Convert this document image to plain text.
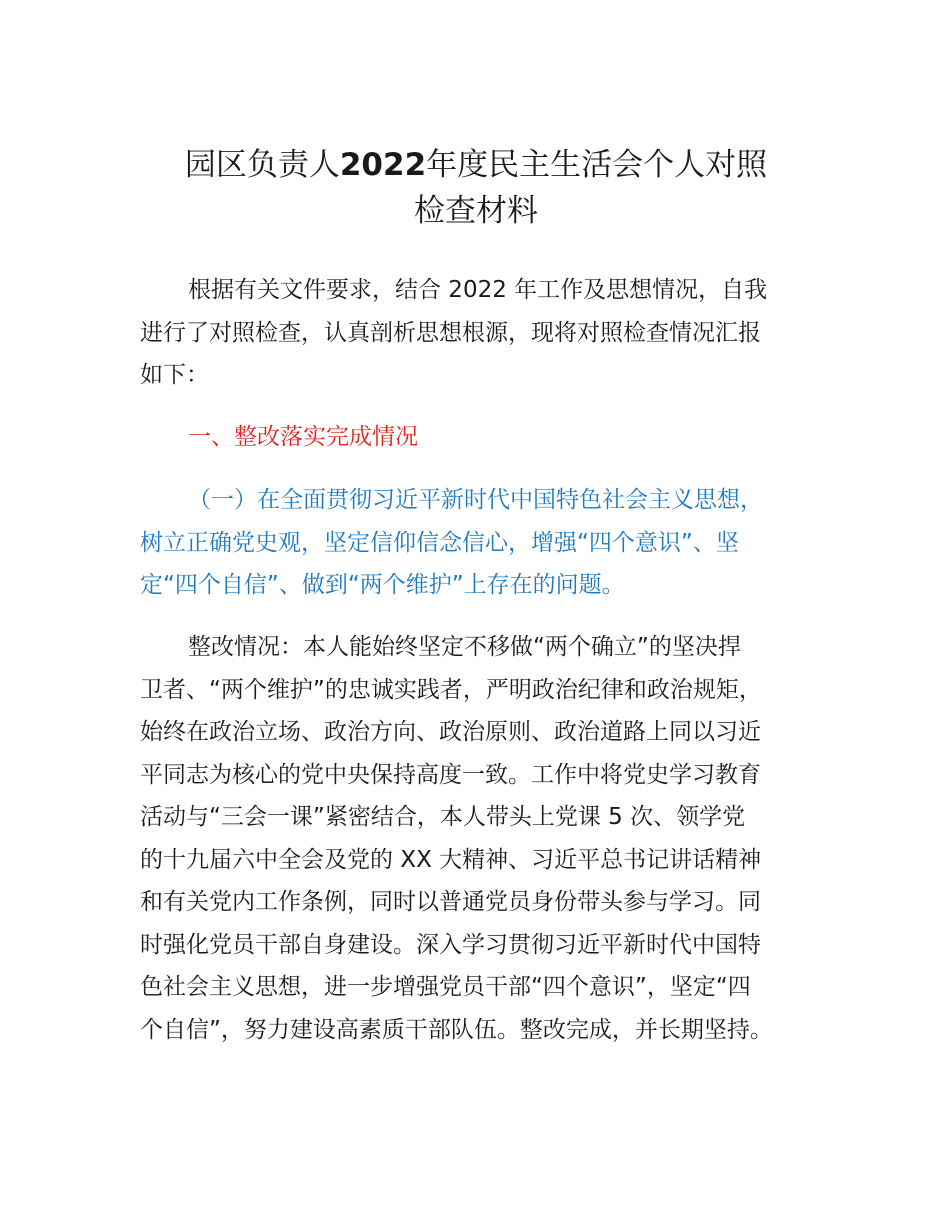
园区负责人2022年度民主生活会个人对照
检查材料
根据有关文件要求，结合 2022 年工作及思想情况，自我
进行了对照检查，认真剖析思想根源，现将对照检查情况汇报
如下：
一、整改落实完成情况
（一）在全面贯彻习近平新时代中国特色社会主义思想，
树立正确党史观，坚定信仰信念信心，增强“四个意识”、坚
定“四个自信”、做到“两个维护”上存在的问题。
整改情况：本人能始终坚定不移做“两个确立”的坚决捍
卫者、“两个维护”的忠诚实践者，严明政治纪律和政治规矩，
始终在政治立场、政治方向、政治原则、政治道路上同以习近
平同志为核心的党中央保持高度一致。工作中将党史学习教育
活动与“三会一课”紧密结合，本人带头上党课 5 次、领学党
的十九届六中全会及党的 XX 大精神、习近平总书记讲话精神
和有关党内工作条例，同时以普通党员身份带头参与学习。同
时强化党员干部自身建设。深入学习贯彻习近平新时代中国特
色社会主义思想，进一步增强党员干部“四个意识”，坚定“四
个自信”，努力建设高素质干部队伍。整改完成，并长期坚持。
